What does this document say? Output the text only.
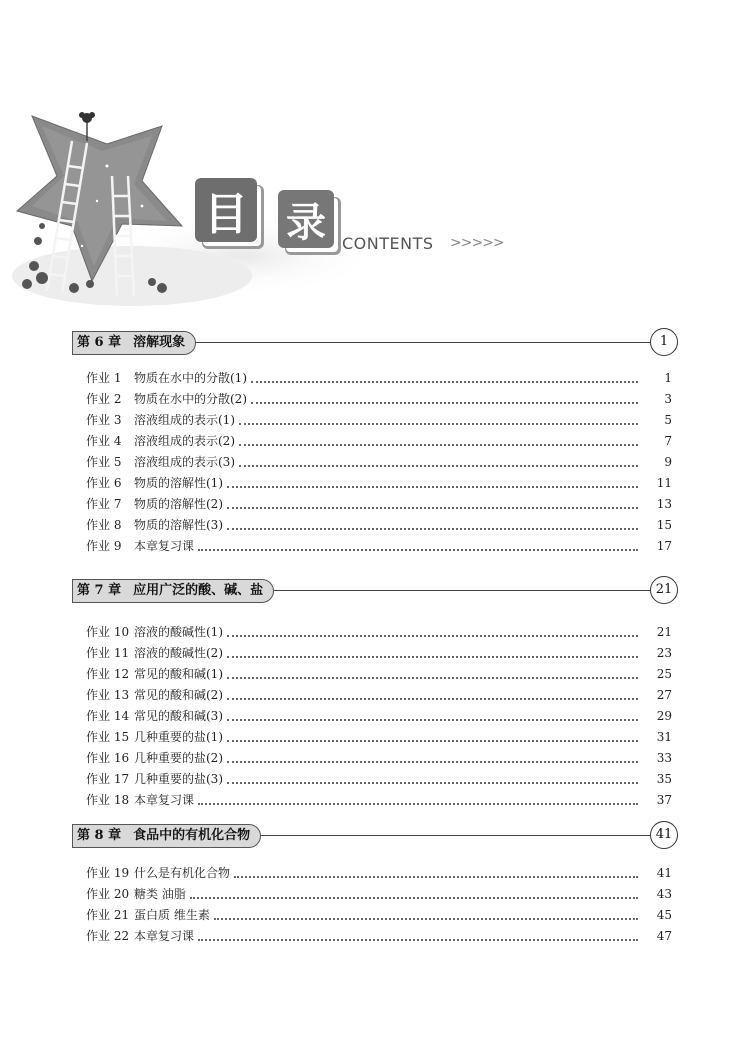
目 录	CONTENTS >>>>>
第 6 章 溶解现象	1
作业 1	物质在水中的分散(1)	1
作业 2	物质在水中的分散(2)	3
作业 3	溶液组成的表示(1)	5
作业 4	溶液组成的表示(2)	7
作业 5	溶液组成的表示(3)	9
作业 6	物质的溶解性(1)	11
作业 7	物质的溶解性(2)	13
作业 8	物质的溶解性(3)	15
作业 9	本章复习课	17
第 7 章 应用广泛的酸、碱、盐	21
作业 10 溶液的酸碱性(1)	21
作业 11 溶液的酸碱性(2)	23
作业 12 常见的酸和碱(1)	25
作业 13 常见的酸和碱(2)	27
作业 14 常见的酸和碱(3)	29
作业 15 几种重要的盐(1)	31
作业 16 几种重要的盐(2)	33
作业 17 几种重要的盐(3)	35
作业 18 本章复习课	37
第 8 章 食品中的有机化合物	41
作业 19 什么是有机化合物	41
作业 20 糖类 油脂	43
作业 21 蛋白质 维生素	45
作业 22 本章复习课	47
